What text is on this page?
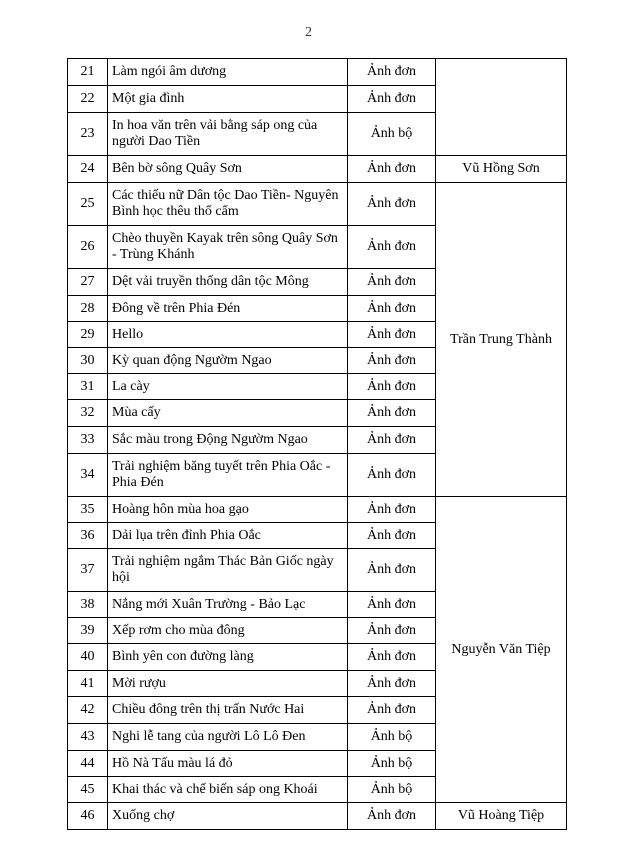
2
21	Làm ngói âm dương	Ảnh đơn	
22	Một gia đình	Ảnh đơn	
23	In hoa văn trên vải bằng sáp ong của người Dao Tiền	Ảnh bộ	
24	Bên bờ sông Quây Sơn	Ảnh đơn	Vũ Hồng Sơn
25	Các thiếu nữ Dân tộc Dao Tiền- Nguyên Bình học thêu thổ cẩm	Ảnh đơn	Trần Trung Thành
26	Chèo thuyền Kayak trên sông Quây Sơn - Trùng Khánh	Ảnh đơn	
27	Dệt vải truyền thống dân tộc Mông	Ảnh đơn	
28	Đông về trên Phia Đén	Ảnh đơn	
29	Hello	Ảnh đơn	
30	Kỳ quan động Ngườm Ngao	Ảnh đơn	
31	La cày	Ảnh đơn	
32	Mùa cấy	Ảnh đơn	
33	Sắc màu trong Động Ngườm Ngao	Ảnh đơn	
34	Trải nghiệm băng tuyết trên Phia Oắc - Phia Đén	Ảnh đơn	
35	Hoàng hôn mùa hoa gạo	Ảnh đơn	Nguyễn Văn Tiệp
36	Dải lụa trên đỉnh Phia Oắc	Ảnh đơn	
37	Trải nghiệm ngắm Thác Bản Giốc ngày hội	Ảnh đơn	
38	Nắng mới Xuân Trường - Bảo Lạc	Ảnh đơn	
39	Xếp rơm cho mùa đông	Ảnh đơn	
40	Bình yên con đường làng	Ảnh đơn	
41	Mời rượu	Ảnh đơn	
42	Chiều đông trên thị trấn Nước Hai	Ảnh đơn	
43	Nghi lễ tang của người Lô Lô Đen	Ảnh bộ	
44	Hồ Nà Tấu màu lá đỏ	Ảnh bộ	
45	Khai thác và chế biến sáp ong Khoái	Ảnh bộ	
46	Xuống chợ	Ảnh đơn	Vũ Hoàng Tiệp
